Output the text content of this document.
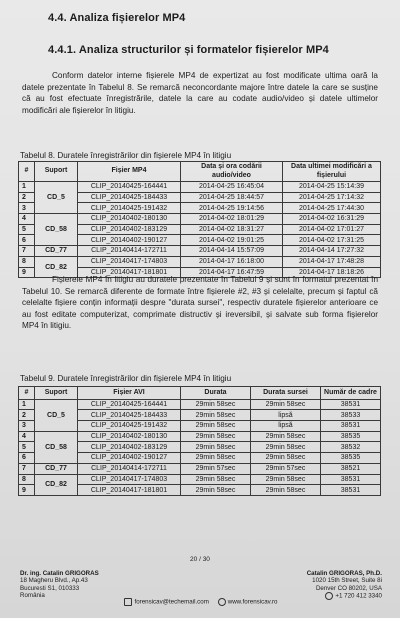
4.4. Analiza fișierelor MP4
4.4.1. Analiza structurilor și formatelor fișierelor MP4

Conform datelor interne fișierele MP4 de expertizat au fost modificate ultima oară la datele prezentate în Tabelul 8. Se remarcă neconcordante majore între datele la care se susține că au fost efectuate înregistrările, datele la care au codate audio/video și datele ultimelor modificări ale fișierelor în litigiu.

Tabelul 8. Duratele înregistrărilor din fișierele MP4 în litigiu
#	Suport	Fișier MP4	Data și ora codării audio/video	Data ultimei modificări a fișierului
1	CD_5	CLIP_20140425-164441	2014-04-25 16:45:04	2014-04-25 15:14:39
2		CLIP_20140425-184433	2014-04-25 18:44:57	2014-04-25 17:14:32
3		CLIP_20140425-191432	2014-04-25 19:14:56	2014-04-25 17:44:30
4	CD_58	CLIP_20140402-180130	2014-04-02 18:01:29	2014-04-02 16:31:29
5		CLIP_20140402-183129	2014-04-02 18:31:27	2014-04-02 17:01:27
6		CLIP_20140402-190127	2014-04-02 19:01:25	2014-04-02 17:31:25
7	CD_77	CLIP_20140414-172711	2014-04-14 15:57:09	2014-04-14 17:27:32
8	CD_82	CLIP_20140417-174803	2014-04-17 16:18:00	2014-04-17 17:48:28
9		CLIP_20140417-181801	2014-04-17 16:47:59	2014-04-17 18:18:26

Fișierele MP4 în litigiu au duratele prezentate în Tabelul 9 și sunt în formatul prezentat în Tabelul 10. Se remarcă diferente de formate între fișierele #2, #3 și celelalte, precum și faptul că celelalte fișiere conțin informații despre "durata sursei", respectiv duratele fișierelor anterioare ce au fost editate computerizat, comprimate distructiv și ireversibil, și salvate sub forma fișierelor MP4 în litigiu.

Tabelul 9. Duratele înregistrărilor din fișierele MP4 în litigiu
#	Suport	Fișier AVI	Durata	Durata sursei	Număr de cadre
1	CD_5	CLIP_20140425-164441	29min 58sec	29min 58sec	38531
2		CLIP_20140425-184433	29min 58sec	lipsă	38533
3		CLIP_20140425-191432	29min 58sec	lipsă	38531
4	CD_58	CLIP_20140402-180130	29min 58sec	29min 58sec	38535
5		CLIP_20140402-183129	29min 58sec	29min 58sec	38532
6		CLIP_20140402-190127	29min 58sec	29min 58sec	38535
7	CD_77	CLIP_20140414-172711	29min 57sec	29min 57sec	38521
8	CD_82	CLIP_20140417-174803	29min 58sec	29min 58sec	38531
9		CLIP_20140417-181801	29min 58sec	29min 58sec	38531
20 / 30
Dr. ing. Catalin GRIGORAS
18 Magheru Blvd., Ap.43
Bucuresti S1, 010333
România
Catalin GRIGORAS, Ph.D.
1020 15th Street, Suite 8i
Denver CO 80202, USA
+1 720 412 3340
forensicav@techemail.com	www.forensicav.ro
